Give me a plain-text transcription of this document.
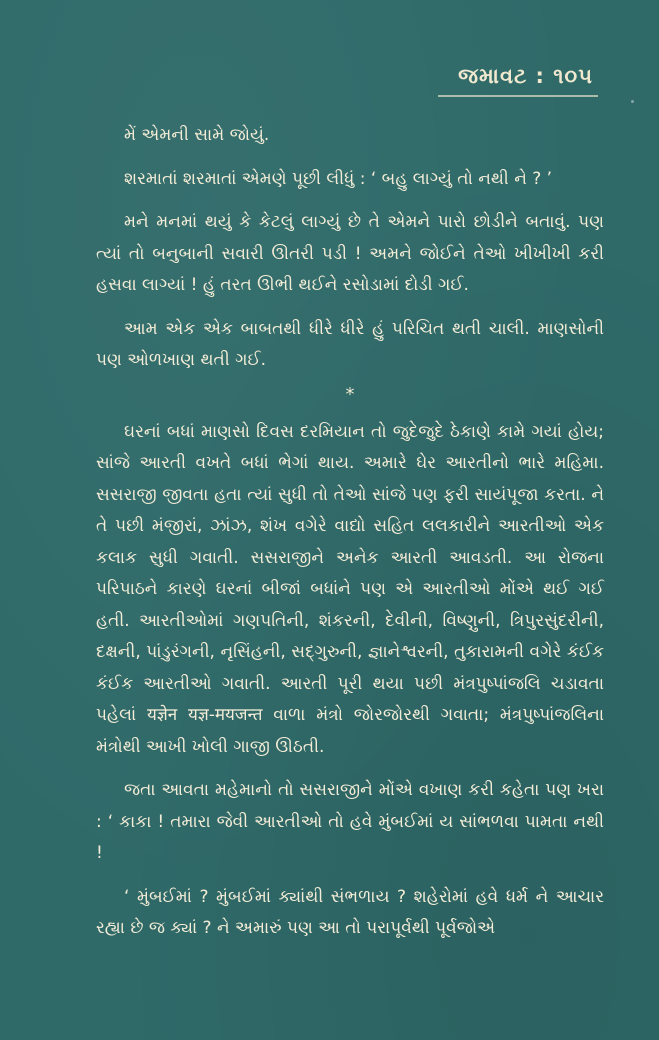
જમાવટ : ૧૦૫

મેં એમની સામે જોયું.

શરમાતાં શરમાતાં એમણે પૂછી લીધું : ‘ બહુ લાગ્યું તો નથી ને ? ’

મને મનમાં થયું કે કેટલું લાગ્યું છે તે એમને પારો છોડીને બતાવું. પણ ત્યાં તો બનુબાની સવારી ઊતરી પડી ! અમને જોઈને તેઓ ખીખીખી કરી હસવા લાગ્યાં ! હું તરત ઊભી થઈને રસોડામાં દોડી ગઈ.

આમ એક એક બાબતથી ધીરે ધીરે હું પરિચિત થતી ચાલી. માણસોની પણ ઓળખાણ થતી ગઈ.

*

ઘરનાં બધાં માણસો દિવસ દરમિયાન તો જુદેજુદે ઠેકાણે કામે ગયાં હોય; સાંજે આરતી વખતે બધાં ભેગાં થાય. અમારે ઘેર આરતીનો ભારે મહિમા. સસરાજી જીવતા હતા ત્યાં સુધી તો તેઓ સાંજે પણ ફરી સાયંપૂજા કરતા. ને તે પછી મંજીરાં, ઝાંઝ, શંખ વગેરે વાદ્યો સહિત લલકારીને આરતીઓ એક કલાક સુધી ગવાતી. સસરાજીને અનેક આરતી આવડતી. આ રોજના પરિપાઠને કારણે ઘરનાં બીજાં બધાંને પણ એ આરતીઓ મોંએ થઈ ગઈ હતી. આરતીઓમાં ગણપતિની, શંકરની, દેવીની, વિષ્ણુની, ત્રિપુરસુંદરીની, દક્ષની, પાંડુરંગની, નૃસિંહની, સદ્‌ગુરુની, જ્ઞાનેશ્વરની, તુકારામની વગેરે કંઈક કંઈક આરતીઓ ગવાતી. આરતી પૂરી થયા પછી મંત્રપુષ્પાંજલિ ચડાવતા પહેલાં यज्ञेन यज्ञ-मयजन्त વાળા મંત્રો જોરજોરથી ગવાતા; મંત્રપુષ્પાંજલિના મંત્રોથી આખી ખોલી ગાજી ઊઠતી.

જતા આવતા મહેમાનો તો સસરાજીને મોંએ વખાણ કરી કહેતા પણ ખરા : ‘ કાકા ! તમારા જેવી આરતીઓ તો હવે મુંબઈમાં ય સાંભળવા પામતા નથી !

‘ મુંબઈમાં ? મુંબઈમાં ક્યાંથી સંભળાય ? શહેરોમાં હવે ધર્મ ને આચાર રહ્યા છે જ ક્યાં ? ને અમારું પણ આ તો પરાપૂર્વથી પૂર્વજોએ
